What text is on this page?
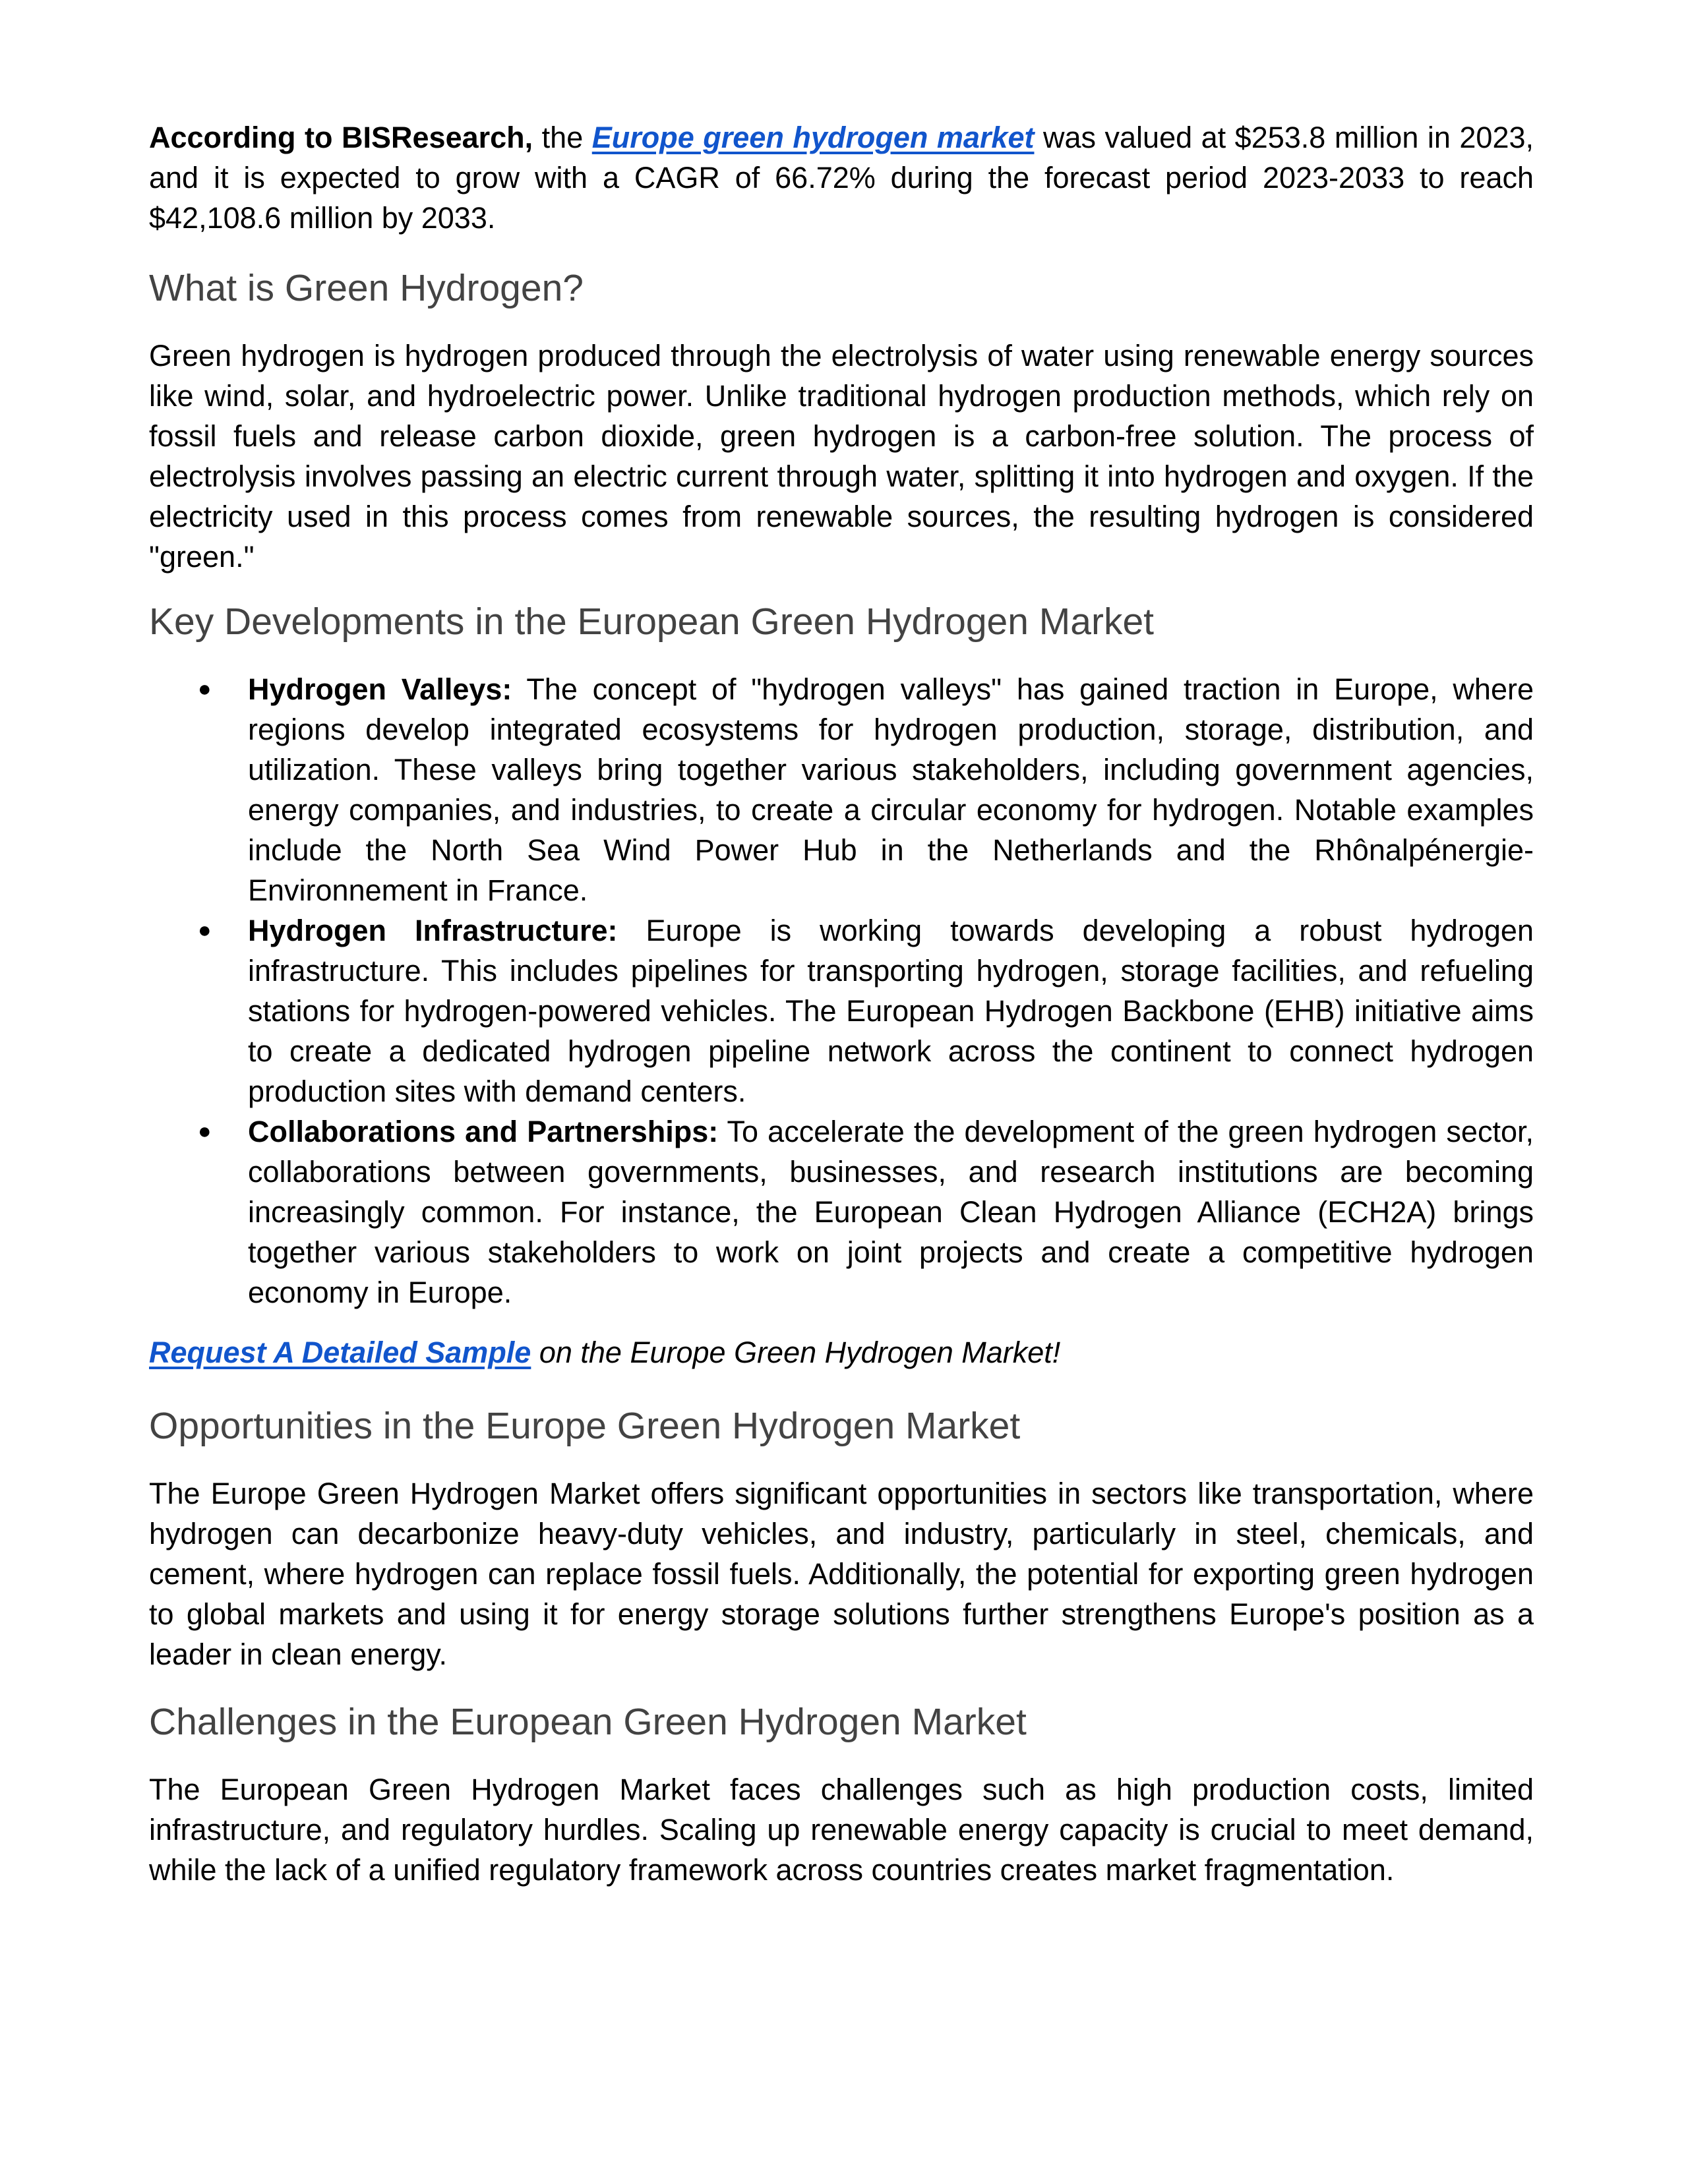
According to BISResearch, the Europe green hydrogen market was valued at $253.8 million in 2023, and it is expected to grow with a CAGR of 66.72% during the forecast period 2023-2033 to reach $42,108.6 million by 2033.

What is Green Hydrogen?

Green hydrogen is hydrogen produced through the electrolysis of water using renewable energy sources like wind, solar, and hydroelectric power. Unlike traditional hydrogen production methods, which rely on fossil fuels and release carbon dioxide, green hydrogen is a carbon-free solution. The process of electrolysis involves passing an electric current through water, splitting it into hydrogen and oxygen. If the electricity used in this process comes from renewable sources, the resulting hydrogen is considered "green."

Key Developments in the European Green Hydrogen Market
● Hydrogen Valleys: The concept of "hydrogen valleys" has gained traction in Europe, where regions develop integrated ecosystems for hydrogen production, storage, distribution, and utilization. These valleys bring together various stakeholders, including government agencies, energy companies, and industries, to create a circular economy for hydrogen. Notable examples include the North Sea Wind Power Hub in the Netherlands and the Rhônalpénergie-Environnement in France.
● Hydrogen Infrastructure: Europe is working towards developing a robust hydrogen infrastructure. This includes pipelines for transporting hydrogen, storage facilities, and refueling stations for hydrogen-powered vehicles. The European Hydrogen Backbone (EHB) initiative aims to create a dedicated hydrogen pipeline network across the continent to connect hydrogen production sites with demand centers.
● Collaborations and Partnerships: To accelerate the development of the green hydrogen sector, collaborations between governments, businesses, and research institutions are becoming increasingly common. For instance, the European Clean Hydrogen Alliance (ECH2A) brings together various stakeholders to work on joint projects and create a competitive hydrogen economy in Europe.

Request A Detailed Sample on the Europe Green Hydrogen Market!

Opportunities in the Europe Green Hydrogen Market

The Europe Green Hydrogen Market offers significant opportunities in sectors like transportation, where hydrogen can decarbonize heavy-duty vehicles, and industry, particularly in steel, chemicals, and cement, where hydrogen can replace fossil fuels. Additionally, the potential for exporting green hydrogen to global markets and using it for energy storage solutions further strengthens Europe's position as a leader in clean energy.

Challenges in the European Green Hydrogen Market

The European Green Hydrogen Market faces challenges such as high production costs, limited infrastructure, and regulatory hurdles. Scaling up renewable energy capacity is crucial to meet demand, while the lack of a unified regulatory framework across countries creates market fragmentation.
